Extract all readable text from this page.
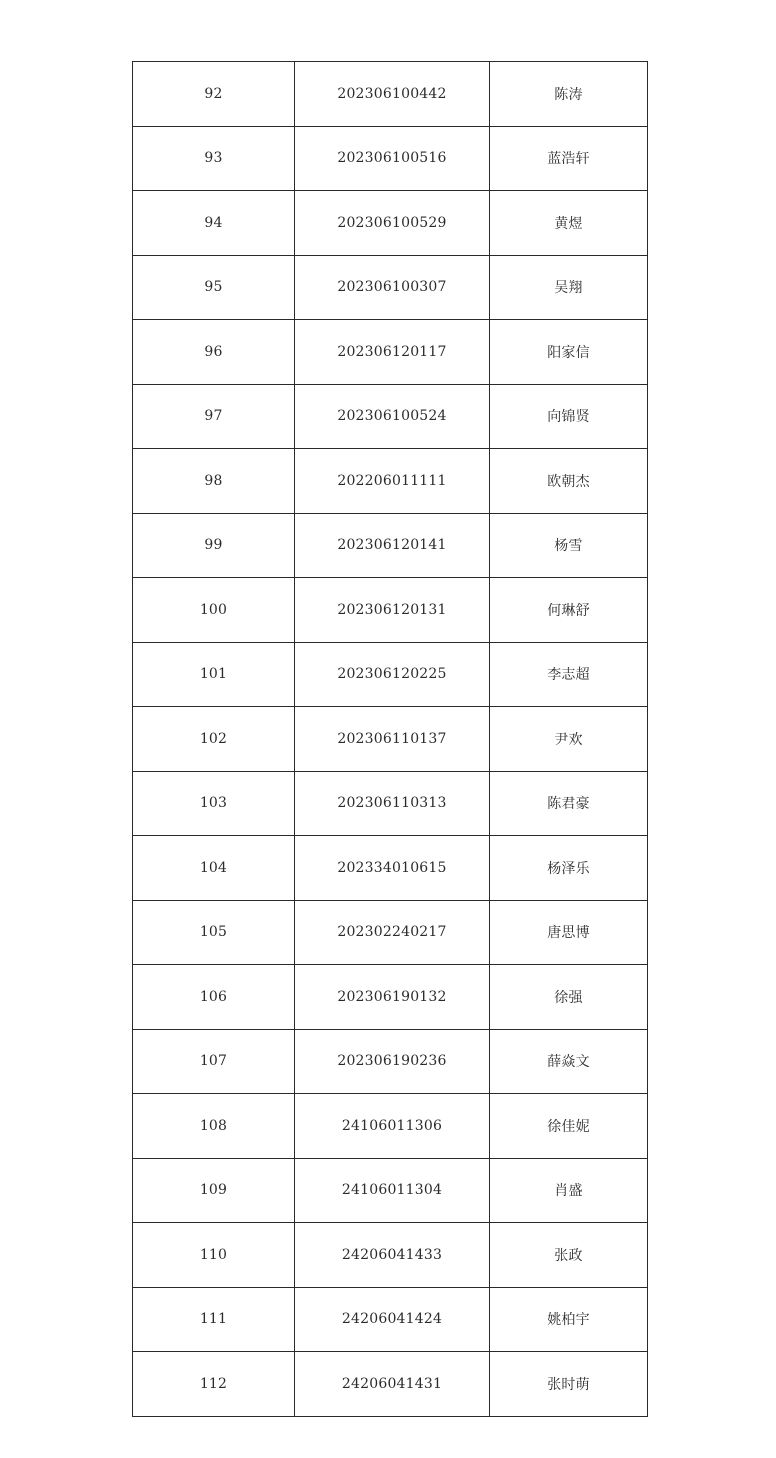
92	202306100442	陈涛
93	202306100516	蓝浩轩
94	202306100529	黄煜
95	202306100307	吴翔
96	202306120117	阳家信
97	202306100524	向锦贤
98	202206011111	欧朝杰
99	202306120141	杨雪
100	202306120131	何琳舒
101	202306120225	李志超
102	202306110137	尹欢
103	202306110313	陈君豪
104	202334010615	杨泽乐
105	202302240217	唐思博
106	202306190132	徐强
107	202306190236	薛焱文
108	24106011306	徐佳妮
109	24106011304	肖盛
110	24206041433	张政
111	24206041424	姚柏宇
112	24206041431	张时萌
